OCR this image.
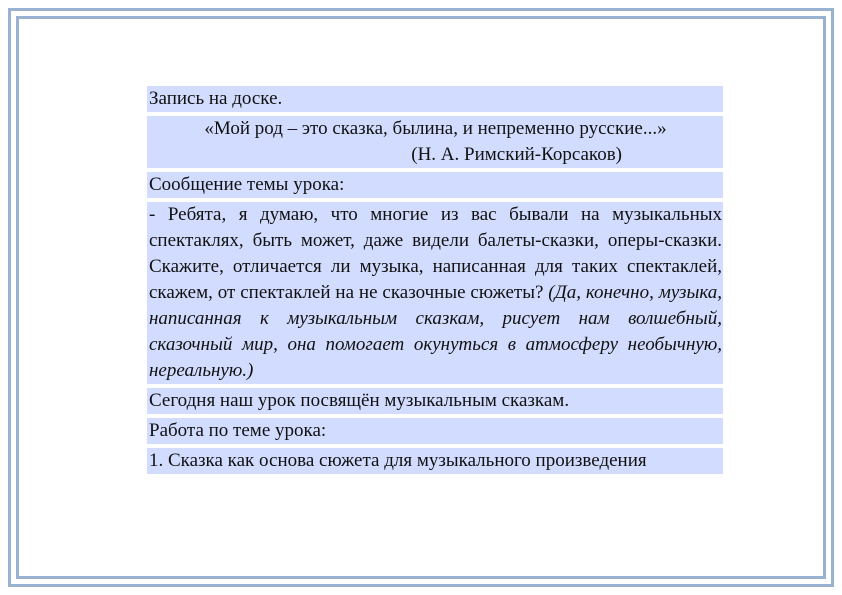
Запись на доске.
«Мой род – это сказка, былина, и непременно русские...»
(Н. А. Римский-Корсаков)
Сообщение темы урока:
- Ребята, я думаю, что многие из вас бывали на музыкальных спектаклях, быть может, даже видели балеты-сказки, оперы-сказки. Скажите, отличается ли музыка, написанная для таких спектаклей, скажем, от спектаклей на не сказочные сюжеты? (Да, конечно, музыка, написанная к музыкальным сказкам, рисует нам волшебный, сказочный мир, она помогает окунуться в атмосферу необычную, нереальную.)
Сегодня наш урок посвящён музыкальным сказкам.
Работа по теме урока:
1. Сказка как основа сюжета для музыкального произведения
